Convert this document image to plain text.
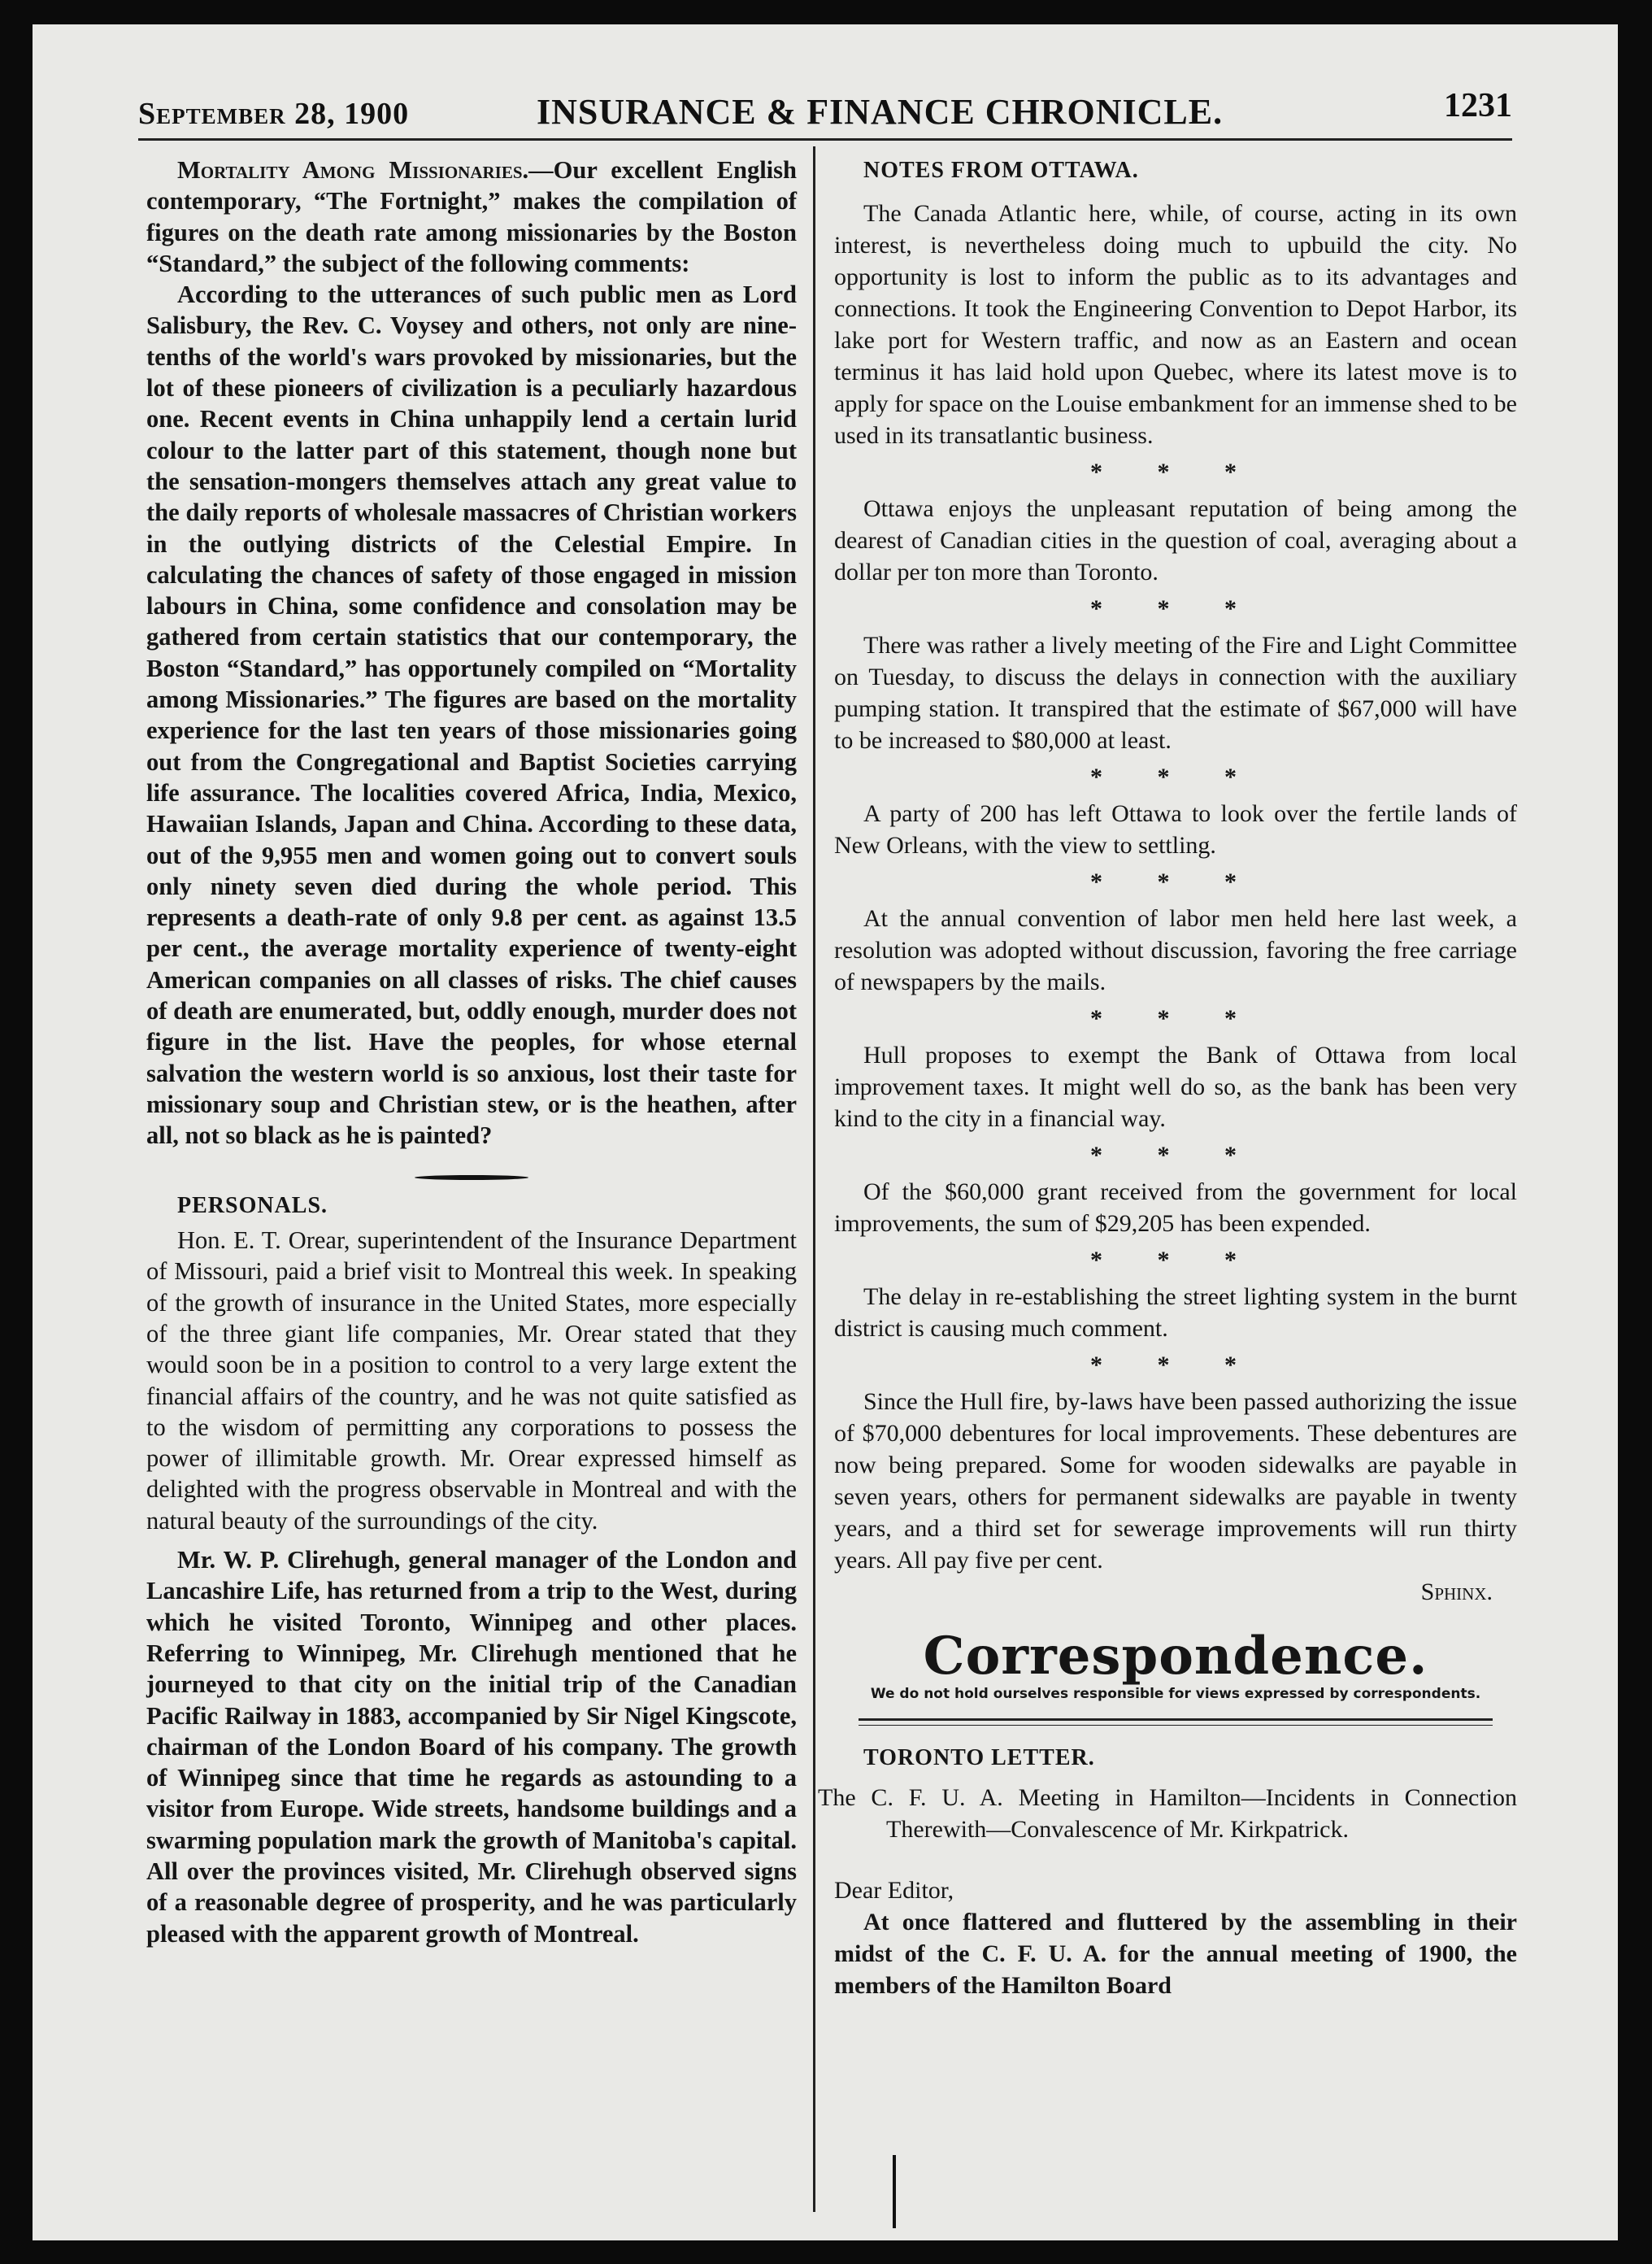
September 28, 1900	INSURANCE & FINANCE CHRONICLE.	1231

Mortality Among Missionaries.—Our excellent English contemporary, “The Fortnight,” makes the compilation of figures on the death rate among missionaries by the Boston “Standard,” the subject of the following comments:

According to the utterances of such public men as Lord Salisbury, the Rev. C. Voysey and others, not only are nine-tenths of the world's wars provoked by missionaries, but the lot of these pioneers of civilization is a peculiarly hazardous one. Recent events in China unhappily lend a certain lurid colour to the latter part of this statement, though none but the sensation-mongers themselves attach any great value to the daily reports of wholesale massacres of Christian workers in the outlying districts of the Celestial Empire. In calculating the chances of safety of those engaged in mission labours in China, some confidence and consolation may be gathered from certain statistics that our contemporary, the Boston “Standard,” has opportunely compiled on “Mortality among Missionaries.” The figures are based on the mortality experience for the last ten years of those missionaries going out from the Congregational and Baptist Societies carrying life assurance. The localities covered Africa, India, Mexico, Hawaiian Islands, Japan and China. According to these data, out of the 9,955 men and women going out to convert souls only ninety seven died during the whole period. This represents a death-rate of only 9.8 per cent. as against 13.5 per cent., the average mortality experience of twenty-eight American companies on all classes of risks. The chief causes of death are enumerated, but, oddly enough, murder does not figure in the list. Have the peoples, for whose eternal salvation the western world is so anxious, lost their taste for missionary soup and Christian stew, or is the heathen, after all, not so black as he is painted?

PERSONALS.

Hon. E. T. Orear, superintendent of the Insurance Department of Missouri, paid a brief visit to Montreal this week. In speaking of the growth of insurance in the United States, more especially of the three giant life companies, Mr. Orear stated that they would soon be in a position to control to a very large extent the financial affairs of the country, and he was not quite satisfied as to the wisdom of permitting any corporations to possess the power of illimitable growth. Mr. Orear expressed himself as delighted with the progress observable in Montreal and with the natural beauty of the surroundings of the city.

Mr. W. P. Clirehugh, general manager of the London and Lancashire Life, has returned from a trip to the West, during which he visited Toronto, Winnipeg and other places. Referring to Winnipeg, Mr. Clirehugh mentioned that he journeyed to that city on the initial trip of the Canadian Pacific Railway in 1883, accompanied by Sir Nigel Kingscote, chairman of the London Board of his company. The growth of Winnipeg since that time he regards as astounding to a visitor from Europe. Wide streets, handsome buildings and a swarming population mark the growth of Manitoba's capital. All over the provinces visited, Mr. Clirehugh observed signs of a reasonable degree of prosperity, and he was particularly pleased with the apparent growth of Montreal.

NOTES FROM OTTAWA.

The Canada Atlantic here, while, of course, acting in its own interest, is nevertheless doing much to upbuild the city. No opportunity is lost to inform the public as to its advantages and connections. It took the Engineering Convention to Depot Harbor, its lake port for Western traffic, and now as an Eastern and ocean terminus it has laid hold upon Quebec, where its latest move is to apply for space on the Louise embankment for an immense shed to be used in its transatlantic business.

* * *

Ottawa enjoys the unpleasant reputation of being among the dearest of Canadian cities in the question of coal, averaging about a dollar per ton more than Toronto.

* * *

There was rather a lively meeting of the Fire and Light Committee on Tuesday, to discuss the delays in connection with the auxiliary pumping station. It transpired that the estimate of $67,000 will have to be increased to $80,000 at least.

* * *

A party of 200 has left Ottawa to look over the fertile lands of New Orleans, with the view to settling.

* * *

At the annual convention of labor men held here last week, a resolution was adopted without discussion, favoring the free carriage of newspapers by the mails.

* * *

Hull proposes to exempt the Bank of Ottawa from local improvement taxes. It might well do so, as the bank has been very kind to the city in a financial way.

* * *

Of the $60,000 grant received from the government for local improvements, the sum of $29,205 has been expended.

* * *

The delay in re-establishing the street lighting system in the burnt district is causing much comment.

* * *

Since the Hull fire, by-laws have been passed authorizing the issue of $70,000 debentures for local improvements. These debentures are now being prepared. Some for wooden sidewalks are payable in seven years, others for permanent sidewalks are payable in twenty years, and a third set for sewerage improvements will run thirty years. All pay five per cent.

Sphinx.
Correspondence.
We do not hold ourselves responsible for views expressed by correspondents.

TORONTO LETTER.

The C. F. U. A. Meeting in Hamilton—Incidents in Connection Therewith—Convalescence of Mr. Kirkpatrick.

Dear Editor,

At once flattered and fluttered by the assembling in their midst of the C. F. U. A. for the annual meeting of 1900, the members of the Hamilton Board
